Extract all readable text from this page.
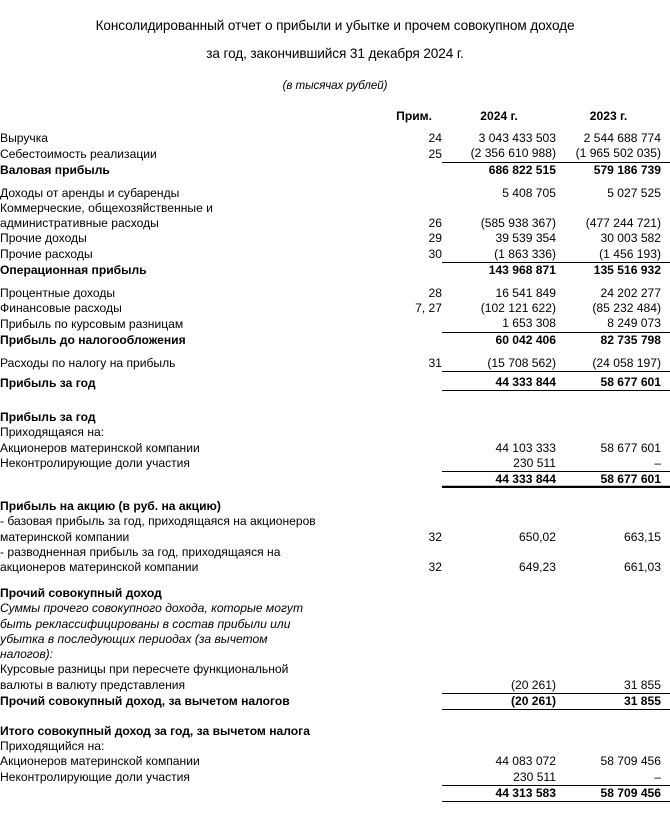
Консолидированный отчет о прибыли и убытке и прочем совокупном доходе
за год, закончившийся 31 декабря 2024 г.
(в тысячах рублей)
	Прим.	2024 г.	2023 г.

Выручка	24	3 043 433 503	2 544 688 774
Себестоимость реализации	25	(2 356 610 988)	(1 965 502 035)
Валовая прибыль		686 822 515	579 186 739

Доходы от аренды и субаренды		5 408 705	5 027 525
Коммерческие, общехозяйственные и			
административные расходы	26	(585 938 367)	(477 244 721)
Прочие доходы	29	39 539 354	30 003 582
Прочие расходы	30	(1 863 336)	(1 456 193)
Операционная прибыль		143 968 871	135 516 932

Процентные доходы	28	16 541 849	24 202 277
Финансовые расходы	7, 27	(102 121 622)	(85 232 484)
Прибыль по курсовым разницам		1 653 308	8 249 073
Прибыль до налогообложения		60 042 406	82 735 798

Расходы по налогу на прибыль	31	(15 708 562)	(24 058 197)

Прибыль за год		44 333 844	58 677 601

Прибыль за год			
Приходящаяся на:			
Акционеров материнской компании		44 103 333	58 677 601
Неконтролирующие доли участия		230 511	–
		44 333 844	58 677 601

Прибыль на акцию (в руб. на акцию)			
- базовая прибыль за год, приходящаяся на акционеров			
материнской компании	32	650,02	663,15
- разводненная прибыль за год, приходящаяся на			
акционеров материнской компании	32	649,23	661,03

Прочий совокупный доход			
Суммы прочего совокупного дохода, которые могут			
быть реклассифицированы в состав прибыли или			
убытка в последующих периодах (за вычетом			
налогов):			
Курсовые разницы при пересчете функциональной			
валюты в валюту представления		(20 261)	31 855
Прочий совокупный доход, за вычетом налогов		(20 261)	31 855

Итого совокупный доход за год, за вычетом налога			
Приходящийся на:			
Акционеров материнской компании		44 083 072	58 709 456
Неконтролирующие доли участия		230 511	–
		44 313 583	58 709 456
